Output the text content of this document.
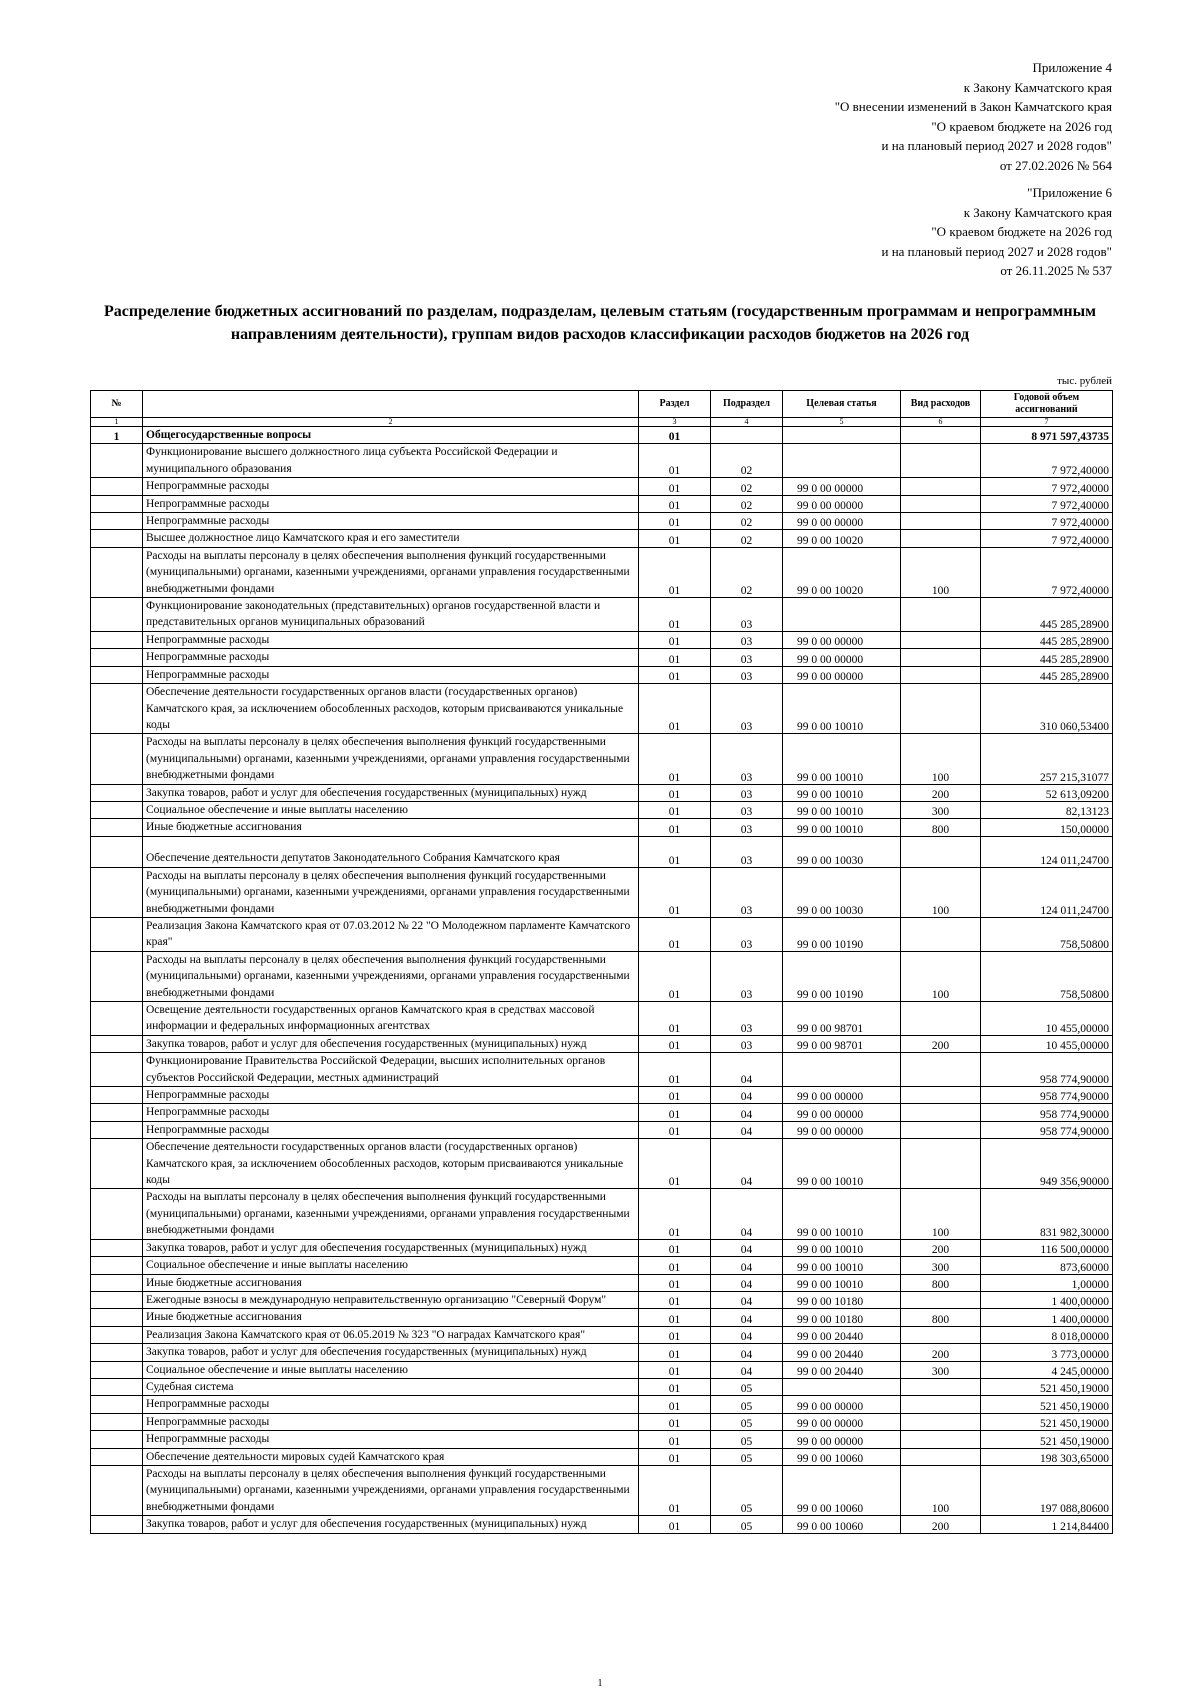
Приложение 4
к Закону Камчатского края
"О внесении изменений в Закон Камчатского края
"О краевом бюджете на 2026 год
и на плановый период 2027 и 2028 годов"
от 27.02.2026 № 564
"Приложение 6
к Закону Камчатского края
"О краевом бюджете на 2026 год
и на плановый период 2027 и 2028 годов"
от 26.11.2025 № 537
Распределение бюджетных ассигнований по разделам, подразделам, целевым статьям (государственным программам и непрограммным направлениям деятельности), группам видов расходов классификации расходов бюджетов на 2026 год
тыс. рублей
№		Раздел	Подраздел	Целевая статья	Вид расходов	Годовой объем ассигнований
1	2	3	4	5	6	7
1	Общегосударственные вопросы	01				8 971 597,43735
	Функционирование высшего должностного лица субъекта Российской Федерации и муниципального образования	01	02			7 972,40000
	Непрограммные расходы	01	02	99 0 00 00000		7 972,40000
	Непрограммные расходы	01	02	99 0 00 00000		7 972,40000
	Непрограммные расходы	01	02	99 0 00 00000		7 972,40000
	Высшее должностное лицо Камчатского края и его заместители	01	02	99 0 00 10020		7 972,40000
	Расходы на выплаты персоналу в целях обеспечения выполнения функций государственными (муниципальными) органами, казенными учреждениями, органами управления государственными внебюджетными фондами	01	02	99 0 00 10020	100	7 972,40000
	Функционирование законодательных (представительных) органов государственной власти и представительных органов муниципальных образований	01	03			445 285,28900
	Непрограммные расходы	01	03	99 0 00 00000		445 285,28900
	Непрограммные расходы	01	03	99 0 00 00000		445 285,28900
	Непрограммные расходы	01	03	99 0 00 00000		445 285,28900
	Обеспечение деятельности государственных органов власти (государственных органов) Камчатского края, за исключением обособленных расходов, которым присваиваются уникальные коды	01	03	99 0 00 10010		310 060,53400
	Расходы на выплаты персоналу в целях обеспечения выполнения функций государственными (муниципальными) органами, казенными учреждениями, органами управления государственными внебюджетными фондами	01	03	99 0 00 10010	100	257 215,31077
	Закупка товаров, работ и услуг для обеспечения государственных (муниципальных) нужд	01	03	99 0 00 10010	200	52 613,09200
	Социальное обеспечение и иные выплаты населению	01	03	99 0 00 10010	300	82,13123
	Иные бюджетные ассигнования	01	03	99 0 00 10010	800	150,00000
	Обеспечение деятельности депутатов Законодательного Собрания Камчатского края	01	03	99 0 00 10030		124 011,24700
	Расходы на выплаты персоналу в целях обеспечения выполнения функций государственными (муниципальными) органами, казенными учреждениями, органами управления государственными внебюджетными фондами	01	03	99 0 00 10030	100	124 011,24700
	Реализация Закона Камчатского края от 07.03.2012 № 22 "О Молодежном парламенте Камчатского края"	01	03	99 0 00 10190		758,50800
	Расходы на выплаты персоналу в целях обеспечения выполнения функций государственными (муниципальными) органами, казенными учреждениями, органами управления государственными внебюджетными фондами	01	03	99 0 00 10190	100	758,50800
	Освещение деятельности государственных органов Камчатского края в средствах массовой информации и федеральных информационных агентствах	01	03	99 0 00 98701		10 455,00000
	Закупка товаров, работ и услуг для обеспечения государственных (муниципальных) нужд	01	03	99 0 00 98701	200	10 455,00000
	Функционирование Правительства Российской Федерации, высших исполнительных органов субъектов Российской Федерации, местных администраций	01	04			958 774,90000
	Непрограммные расходы	01	04	99 0 00 00000		958 774,90000
	Непрограммные расходы	01	04	99 0 00 00000		958 774,90000
	Непрограммные расходы	01	04	99 0 00 00000		958 774,90000
	Обеспечение деятельности государственных органов власти (государственных органов) Камчатского края, за исключением обособленных расходов, которым присваиваются уникальные коды	01	04	99 0 00 10010		949 356,90000
	Расходы на выплаты персоналу в целях обеспечения выполнения функций государственными (муниципальными) органами, казенными учреждениями, органами управления государственными внебюджетными фондами	01	04	99 0 00 10010	100	831 982,30000
	Закупка товаров, работ и услуг для обеспечения государственных (муниципальных) нужд	01	04	99 0 00 10010	200	116 500,00000
	Социальное обеспечение и иные выплаты населению	01	04	99 0 00 10010	300	873,60000
	Иные бюджетные ассигнования	01	04	99 0 00 10010	800	1,00000
	Ежегодные взносы в международную неправительственную организацию "Северный Форум"	01	04	99 0 00 10180		1 400,00000
	Иные бюджетные ассигнования	01	04	99 0 00 10180	800	1 400,00000
	Реализация Закона Камчатского края от 06.05.2019 № 323 "О наградах Камчатского края"	01	04	99 0 00 20440		8 018,00000
	Закупка товаров, работ и услуг для обеспечения государственных (муниципальных) нужд	01	04	99 0 00 20440	200	3 773,00000
	Социальное обеспечение и иные выплаты населению	01	04	99 0 00 20440	300	4 245,00000
	Судебная система	01	05			521 450,19000
	Непрограммные расходы	01	05	99 0 00 00000		521 450,19000
	Непрограммные расходы	01	05	99 0 00 00000		521 450,19000
	Непрограммные расходы	01	05	99 0 00 00000		521 450,19000
	Обеспечение деятельности мировых судей Камчатского края	01	05	99 0 00 10060		198 303,65000
	Расходы на выплаты персоналу в целях обеспечения выполнения функций государственными (муниципальными) органами, казенными учреждениями, органами управления государственными внебюджетными фондами	01	05	99 0 00 10060	100	197 088,80600
	Закупка товаров, работ и услуг для обеспечения государственных (муниципальных) нужд	01	05	99 0 00 10060	200	1 214,84400
1
